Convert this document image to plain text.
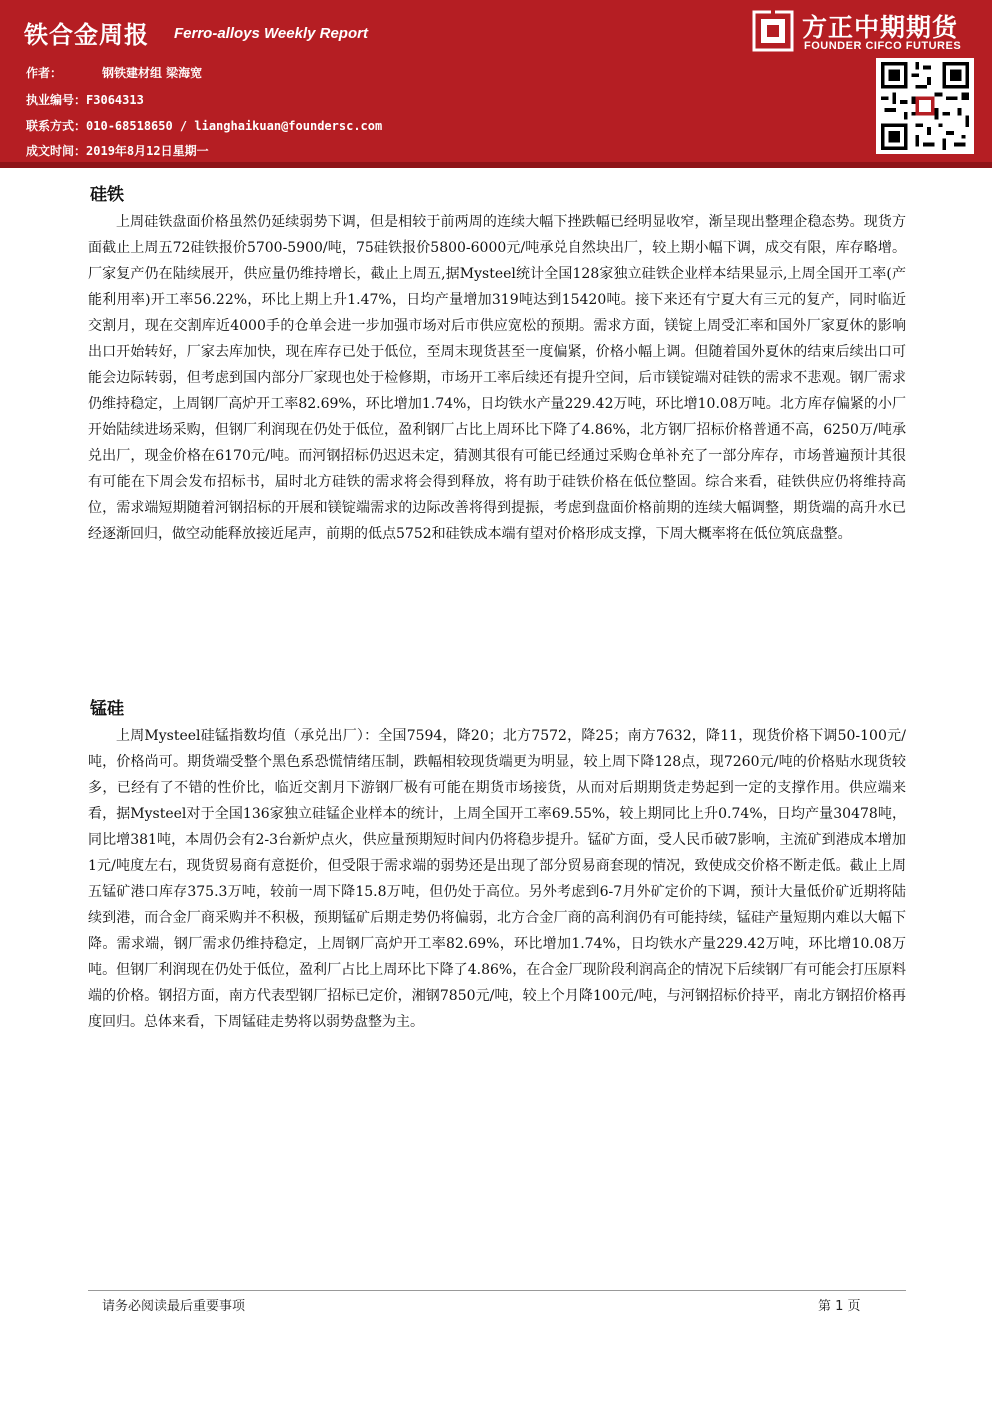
铁合金周报 Ferro-alloys Weekly Report
作者：	钢铁建材组 梁海宽
执业编号：F3064313
联系方式：010-68518650 / lianghaikuan@foundersc.com
成文时间：2019年8月12日星期一
方正中期期货
FOUNDER CIFCO FUTURES
硅铁

上周硅铁盘面价格虽然仍延续弱势下调，但是相较于前两周的连续大幅下挫跌幅已经明显收窄，渐呈现出整理企稳态势。现货方面截止上周五72硅铁报价5700-5900/吨，75硅铁报价5800-6000元/吨承兑自然块出厂，较上期小幅下调，成交有限，库存略增。厂家复产仍在陆续展开，供应量仍维持增长，截止上周五,据Mysteel统计全国128家独立硅铁企业样本结果显示,上周全国开工率(产能利用率)开工率56.22%，环比上期上升1.47%，日均产量增加319吨达到15420吨。接下来还有宁夏大有三元的复产，同时临近交割月，现在交割库近4000手的仓单会进一步加强市场对后市供应宽松的预期。需求方面，镁锭上周受汇率和国外厂家夏休的影响出口开始转好，厂家去库加快，现在库存已处于低位，至周末现货甚至一度偏紧，价格小幅上调。但随着国外夏休的结束后续出口可能会边际转弱，但考虑到国内部分厂家现也处于检修期，市场开工率后续还有提升空间，后市镁锭端对硅铁的需求不悲观。钢厂需求仍维持稳定，上周钢厂高炉开工率82.69%，环比增加1.74%，日均铁水产量229.42万吨，环比增10.08万吨。北方库存偏紧的小厂开始陆续进场采购，但钢厂利润现在仍处于低位，盈利钢厂占比上周环比下降了4.86%，北方钢厂招标价格普通不高，6250万/吨承兑出厂，现金价格在6170元/吨。而河钢招标仍迟迟未定，猜测其很有可能已经通过采购仓单补充了一部分库存，市场普遍预计其很有可能在下周会发布招标书，届时北方硅铁的需求将会得到释放，将有助于硅铁价格在低位整固。综合来看，硅铁供应仍将维持高位，需求端短期随着河钢招标的开展和镁锭端需求的边际改善将得到提振，考虑到盘面价格前期的连续大幅调整，期货端的高升水已经逐渐回归，做空动能释放接近尾声，前期的低点5752和硅铁成本端有望对价格形成支撑，下周大概率将在低位筑底盘整。

锰硅

上周Mysteel硅锰指数均值（承兑出厂）：全国7594，降20；北方7572，降25；南方7632，降11，现货价格下调50-100元/吨，价格尚可。期货端受整个黑色系恐慌情绪压制，跌幅相较现货端更为明显，较上周下降128点，现7260元/吨的价格贴水现货较多，已经有了不错的性价比，临近交割月下游钢厂极有可能在期货市场接货，从而对后期期货走势起到一定的支撑作用。供应端来看，据Mysteel对于全国136家独立硅锰企业样本的统计，上周全国开工率69.55%，较上期同比上升0.74%，日均产量30478吨，同比增381吨，本周仍会有2-3台新炉点火，供应量预期短时间内仍将稳步提升。锰矿方面，受人民币破7影响，主流矿到港成本增加1元/吨度左右，现货贸易商有意挺价，但受限于需求端的弱势还是出现了部分贸易商套现的情况，致使成交价格不断走低。截止上周五锰矿港口库存375.3万吨，较前一周下降15.8万吨，但仍处于高位。另外考虑到6-7月外矿定价的下调，预计大量低价矿近期将陆续到港，而合金厂商采购并不积极，预期锰矿后期走势仍将偏弱，北方合金厂商的高利润仍有可能持续，锰硅产量短期内难以大幅下降。需求端，钢厂需求仍维持稳定，上周钢厂高炉开工率82.69%，环比增加1.74%，日均铁水产量229.42万吨，环比增10.08万吨。但钢厂利润现在仍处于低位，盈利厂占比上周环比下降了4.86%，在合金厂现阶段利润高企的情况下后续钢厂有可能会打压原料端的价格。钢招方面，南方代表型钢厂招标已定价，湘钢7850元/吨，较上个月降100元/吨，与河钢招标价持平，南北方钢招价格再度回归。总体来看，下周锰硅走势将以弱势盘整为主。

请务必阅读最后重要事项	第 1 页
